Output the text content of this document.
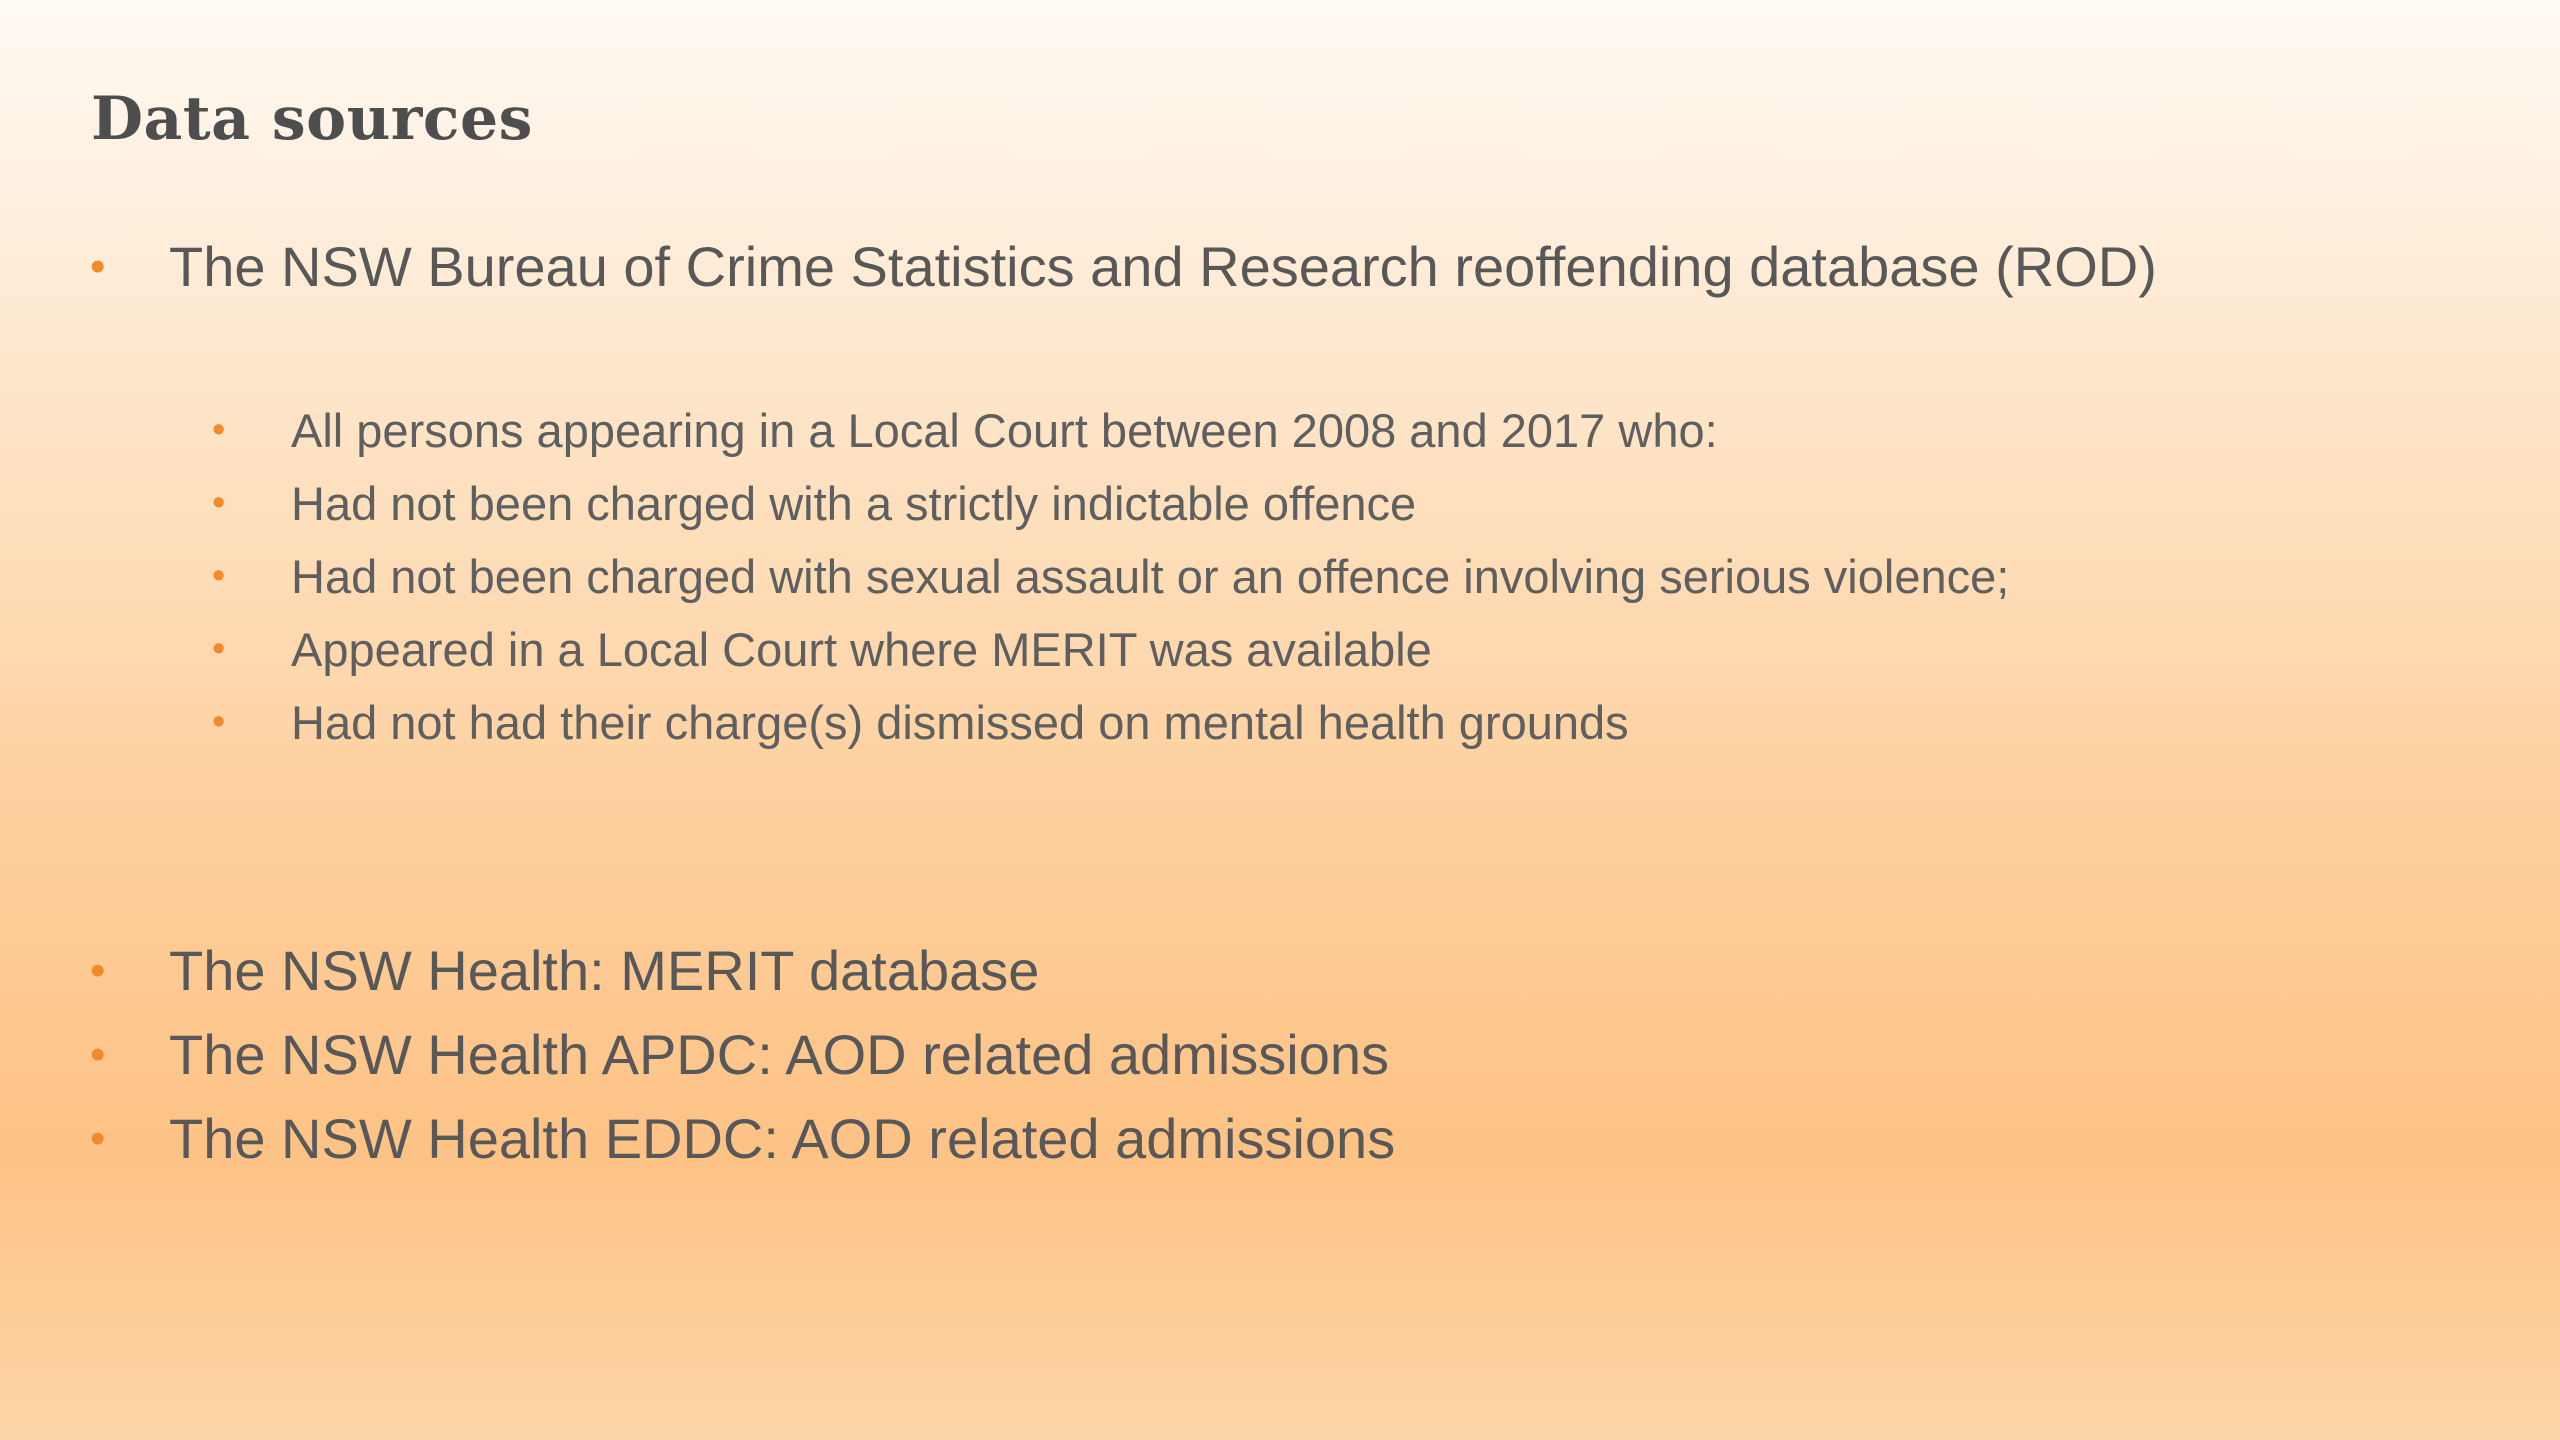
Data sources
• The NSW Bureau of Crime Statistics and Research reoffending database (ROD)
• All persons appearing in a Local Court between 2008 and 2017 who:
• Had not been charged with a strictly indictable offence
• Had not been charged with sexual assault or an offence involving serious violence;
• Appeared in a Local Court where MERIT was available
• Had not had their charge(s) dismissed on mental health grounds
• The NSW Health: MERIT database
• The NSW Health APDC: AOD related admissions
• The NSW Health EDDC: AOD related admissions
